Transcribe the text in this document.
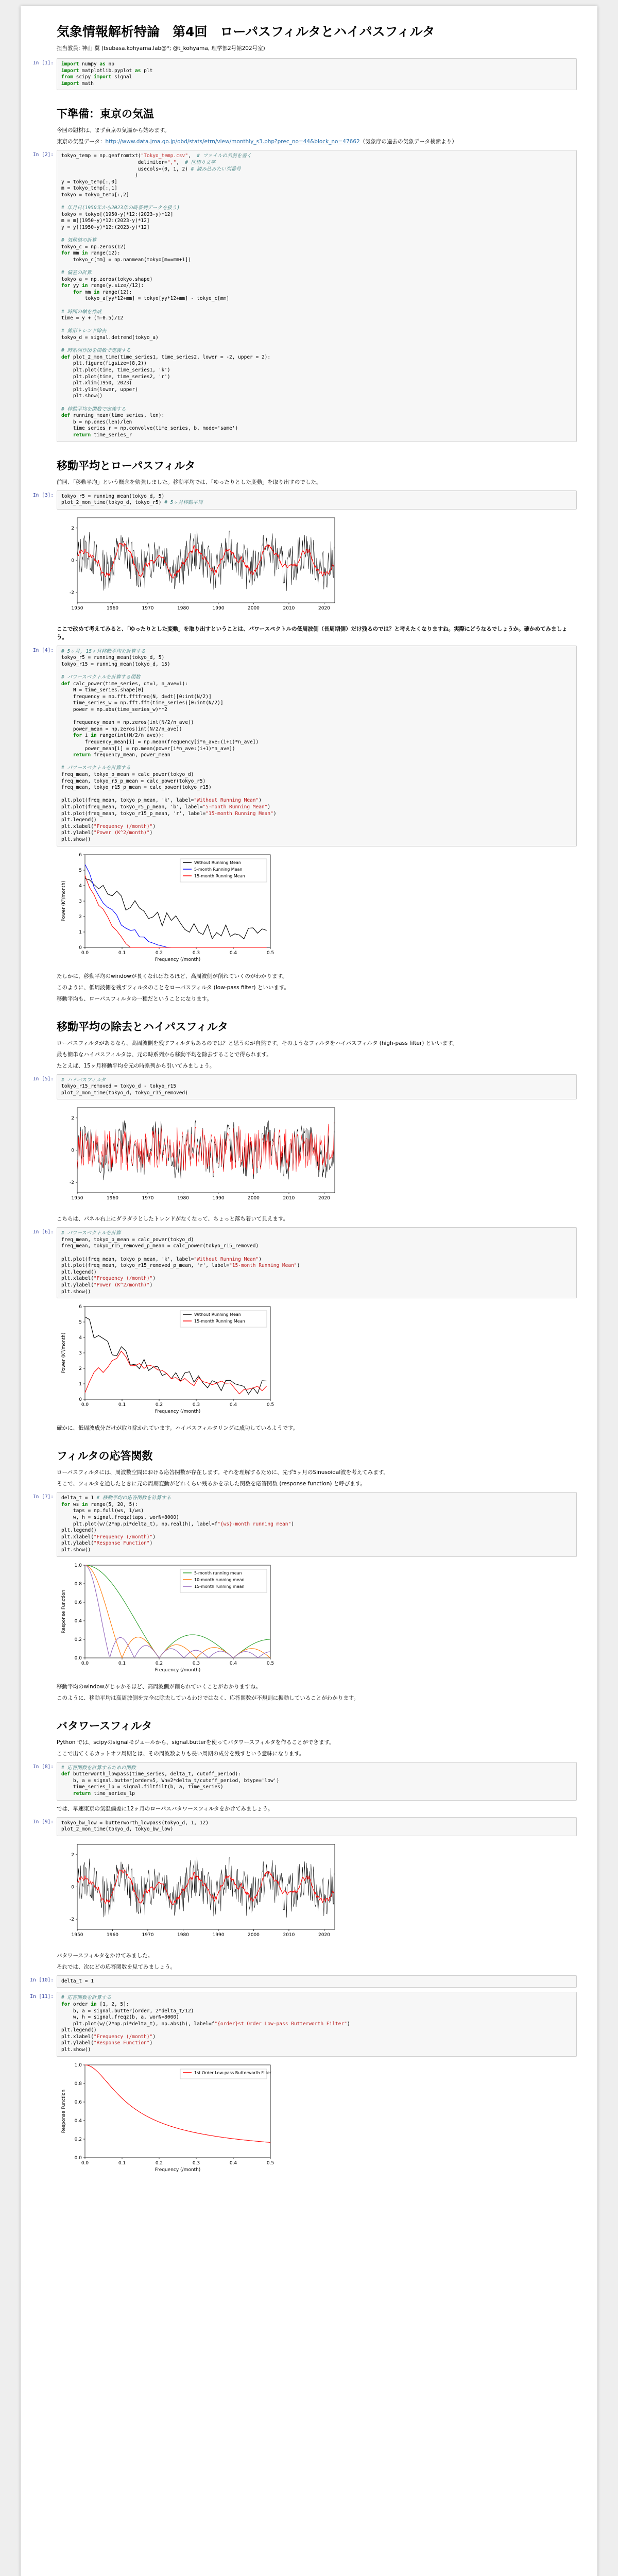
気象情報解析特論　第4回　ローパスフィルタとハイパスフィルタ
担当教員: 神山 翼 (tsubasa.kohyama.lab@*; @t_kohyama, 理学部2号館202号室)
In [1]: import numpy as np
import matplotlib.pyplot as plt
from scipy import signal
import math
下準備：東京の気温

今回の題材は、まず東京の気温から始めます。

東京の気温データ：http://www.data.jma.go.jp/obd/stats/etrn/view/monthly_s3.php?prec_no=44&block_no=47662（気象庁の過去の気象データ検索より）

In [2]: tokyo_temp = np.genfromtxt("Tokyo_temp.csv",  # ファイルの名前を書く
delimiter=",",  # 区切り文字
usecols=(0, 1, 2) # 読み込みたい列番号
)
y = tokyo_temp[:,0]
m = tokyo_temp[:,1]
tokyo = tokyo_temp[:,2]

# 年月日(1950年から2023年の時系列データを扱う)
tokyo = tokyo[(1950-y)*12:(2023-y)*12]
m = m[(1950-y)*12:(2023-y)*12]
y = y[(1950-y)*12:(2023-y)*12]

# 気候値の計算
tokyo_c = np.zeros(12)
for mm in range(12):
tokyo_c[mm] = np.nanmean(tokyo[m==mm+1])

# 偏差の計算
tokyo_a = np.zeros(tokyo.shape)
for yy in range(y.size//12):
for mm in range(12):
tokyo_a[yy*12+mm] = tokyo[yy*12+mm] - tokyo_c[mm]

# 時間の軸を作成
time = y + (m-0.5)/12

# 線形トレンド除去
tokyo_d = signal.detrend(tokyo_a)

# 時系列作図を関数で定義する
def plot_2_mon_time(time_series1, time_series2, lower = -2, upper = 2):
plt.figure(figsize=(8,2))
plt.plot(time, time_series1, 'k')
plt.plot(time, time_series2, 'r')
plt.xlim(1950, 2023)
plt.ylim(lower, upper)
plt.show()

# 移動平均を関数で定義する
def running_mean(time_series, len):
b = np.ones(len)/len
time_series_r = np.convolve(time_series, b, mode='same')
return time_series_r
移動平均とローパスフィルタ

前回、「移動平均」という概念を勉強しました。移動平均では、「ゆったりとした変動」を取り出すのでした。

In [3]: tokyo_r5 = running_mean(tokyo_d, 5)
plot_2_mon_time(tokyo_d, tokyo_r5) # 5ヶ月移動平均
1950	1960	1970	1980	1990	2000	2010	2020
2
0
-2

ここで改めて考えてみると、「ゆったりとした変動」を取り出すということは、パワースペクトルの低周波側（長周期側）だけ残るのでは？と考えたくなりますね。実際にどうなるでしょうか。確かめてみましょう。

In [4]: # 5ヶ月, 15ヶ月移動平均を計算する
tokyo_r5 = running_mean(tokyo_d, 5)
tokyo_r15 = running_mean(tokyo_d, 15)

# パワースペクトルを計算する関数
def calc_power(time_series, dt=1, n_ave=1):
N = time_series.shape[0]
frequency = np.fft.fftfreq(N, d=dt)[0:int(N/2)]
time_series_w = np.fft.fft(time_series)[0:int(N/2)]
power = np.abs(time_series_w)**2

frequency_mean = np.zeros(int(N/2/n_ave))
power_mean = np.zeros(int(N/2/n_ave))
for i in range(int(N/2/n_ave)):
frequency_mean[i] = np.mean(frequency[i*n_ave:(i+1)*n_ave])
power_mean[i] = np.mean(power[i*n_ave:(i+1)*n_ave])
return frequency_mean, power_mean

# パワースペクトルを計算する
freq_mean, tokyo_p_mean = calc_power(tokyo_d)
freq_mean, tokyo_r5_p_mean = calc_power(tokyo_r5)
freq_mean, tokyo_r15_p_mean = calc_power(tokyo_r15)

plt.plot(freq_mean, tokyo_p_mean, 'k', label="Without Running Mean")
plt.plot(freq_mean, tokyo_r5_p_mean, 'b', label="5-month Running Mean")
plt.plot(freq_mean, tokyo_r15_p_mean, 'r', label="15-month Running Mean")
plt.legend()
plt.xlabel("Frequency (/month)")
plt.ylabel("Power (K^2/month)")
plt.show()
0.0	0.1	0.2	0.3	0.4	0.5
Frequency (/month)
0
1
2
3
4
5
6
Power (K²/month)
Without Running Mean
5-month Running Mean
15-month Running Mean

たしかに、移動平均のwindowが長くなればなるほど、高周波側が削れていくのがわかります。

このように、低周波側を残すフィルタのことをローパスフィルタ (low-pass filter) といいます。

移動平均も、ローパスフィルタの一種だということになります。

移動平均の除去とハイパスフィルタ

ローパスフィルタがあるなら、高周波側を残すフィルタもあるのでは？と思うのが自然です。そのようなフィルタをハイパスフィルタ (high-pass filter) といいます。

最も簡単なハイパスフィルタは、元の時系列から移動平均を除去することで得られます。

たとえば、15ヶ月移動平均を元の時系列から引いてみましょう。

In [5]: # ハイパスフィルタ
tokyo_r15_removed = tokyo_d - tokyo_r15
plot_2_mon_time(tokyo_d, tokyo_r15_removed)
1950	1960	1970	1980	1990	2000	2010	2020
2
0
-2

こちらは、パネル右上にダラダラとしたトレンドがなくなって、ちょっと落ち着いて見えます。

In [6]: # パワースペクトルを計算
freq_mean, tokyo_p_mean = calc_power(tokyo_d)
freq_mean, tokyo_r15_removed_p_mean = calc_power(tokyo_r15_removed)

plt.plot(freq_mean, tokyo_p_mean, 'k', label="Without Running Mean")
plt.plot(freq_mean, tokyo_r15_removed_p_mean, 'r', label="15-month Running Mean")
plt.legend()
plt.xlabel("Frequency (/month)")
plt.ylabel("Power (K^2/month)")
plt.show()
0.0	0.1	0.2	0.3	0.4	0.5
Frequency (/month)
0
1
2
3
4
5
6
Power (K²/month)
Without Running Mean
15-month Running Mean

確かに、低周波成分だけが取り除かれています。ハイパスフィルタリングに成功しているようです。

フィルタの応答関数

ローパスフィルタには、周波数空間における応答関数が存在します。それを理解するために、先ず5ヶ月のSinusoidal波を考えてみます。

そこで、フィルタを通したときに元の周期変動がどれくらい残るかを示した関数を応答関数 (response function) と呼びます。

In [7]: delta_t = 1 # 移動平均の応答関数を計算する
for ws in range(5, 20, 5):
taps = np.full(ws, 1/ws)
w, h = signal.freqz(taps, worN=8000)
plt.plot(w/(2*np.pi*delta_t), np.real(h), label=f"{ws}-month running mean")
plt.legend()
plt.xlabel("Frequency (/month)")
plt.ylabel("Response Function")
plt.show()
0.0	0.1	0.2	0.3	0.4	0.5
Frequency (/month)
0.0
0.2
0.4
0.6
0.8
1.0
Response Function
5-month running mean
10-month running mean
15-month running mean

移動平均のwindowがじゃかるほど、高周波側が削られていくことがわかりますね。

このように、移動平均は高周波側を完全に除去しているわけではなく、応答関数が不規則に振動していることがわかります。

バタワースフィルタ

Python では、scipyのsignalモジュールから、signal.butterを使ってバタワースフィルタを作ることができます。

ここで出てくるカットオフ周期とは、その周波数よりも長い周期の成分を残すという意味になります。

In [8]: # 応答関数を計算するための関数
def butterworth_lowpass(time_series, delta_t, cutoff_period):
b, a = signal.butter(order=5, Wn=2*delta_t/cutoff_period, btype='low')
time_series_lp = signal.filtfilt(b, a, time_series)
return time_series_lp

では、早速東京の気温偏差に12ヶ月のローパスバタワースフィルタをかけてみましょう。

In [9]: tokyo_bw_low = butterworth_lowpass(tokyo_d, 1, 12)
plot_2_mon_time(tokyo_d, tokyo_bw_low)
1950	1960	1970	1980	1990	2000	2010	2020
2
0
-2

バタワースフィルタをかけてみました。

それでは、次にどの応答関数を見てみましょう。

In [10]: delta_t = 1
In [11]: # 応答関数を計算する
for order in [1, 2, 5]:
b, a = signal.butter(order, 2*delta_t/12)
w, h = signal.freqz(b, a, worN=8000)
plt.plot(w/(2*np.pi*delta_t), np.abs(h), label=f"{order}st Order Low-pass Butterworth Filter")
plt.legend()
plt.xlabel("Frequency (/month)")
plt.ylabel("Response Function")
plt.show()
0.0	0.1	0.2	0.3	0.4	0.5
Frequency (/month)
0.0
0.2
0.4
0.6
0.8
1.0
Response Function
1st Order Low-pass Butterworth Filter
